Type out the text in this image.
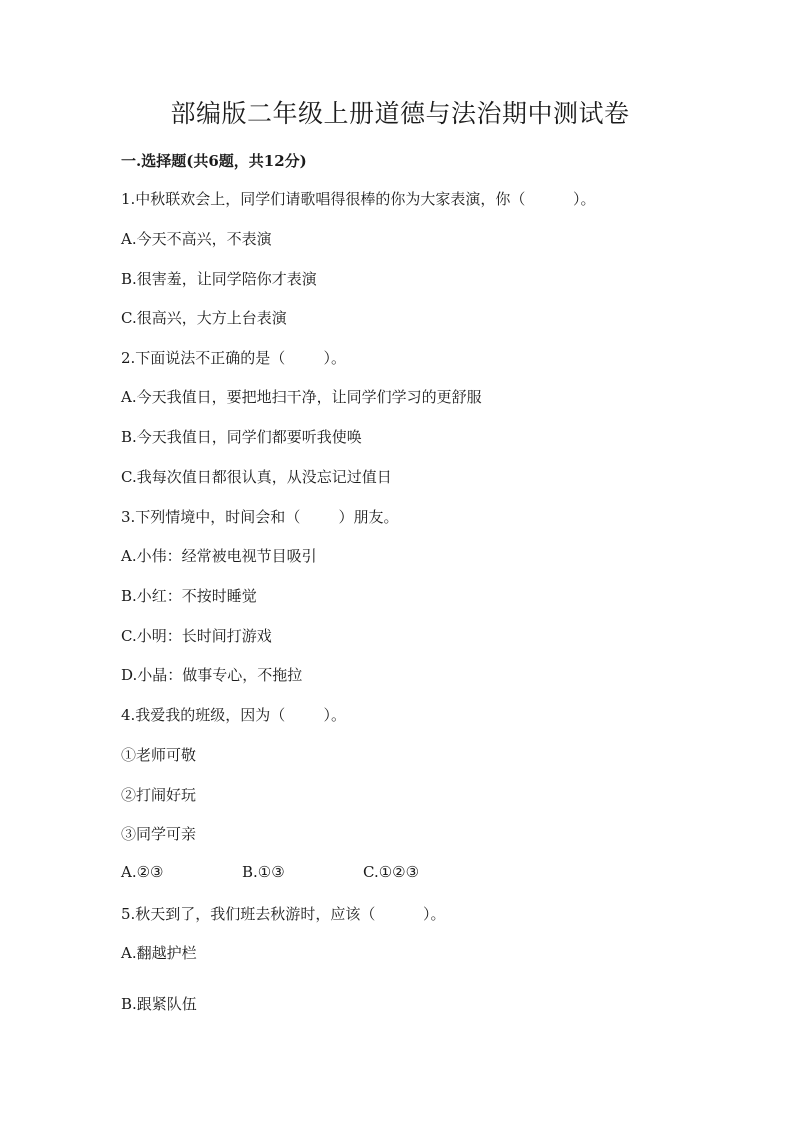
部编版二年级上册道德与法治期中测试卷
一.选择题(共6题，共12分)
1.中秋联欢会上，同学们请歌唱得很棒的你为大家表演，你（          ）。
A.今天不高兴，不表演
B.很害羞，让同学陪你才表演
C.很高兴，大方上台表演
2.下面说法不正确的是（        ）。
A.今天我值日，要把地扫干净，让同学们学习的更舒服
B.今天我值日，同学们都要听我使唤
C.我每次值日都很认真，从没忘记过值日
3.下列情境中，时间会和（        ）朋友。
A.小伟：经常被电视节目吸引
B.小红：不按时睡觉
C.小明：长时间打游戏
D.小晶：做事专心，不拖拉
4.我爱我的班级，因为（        ）。
①老师可敬
②打闹好玩
③同学可亲
A.②③	B.①③	C.①②③
5.秋天到了，我们班去秋游时，应该（          ）。
A.翻越护栏
B.跟紧队伍
